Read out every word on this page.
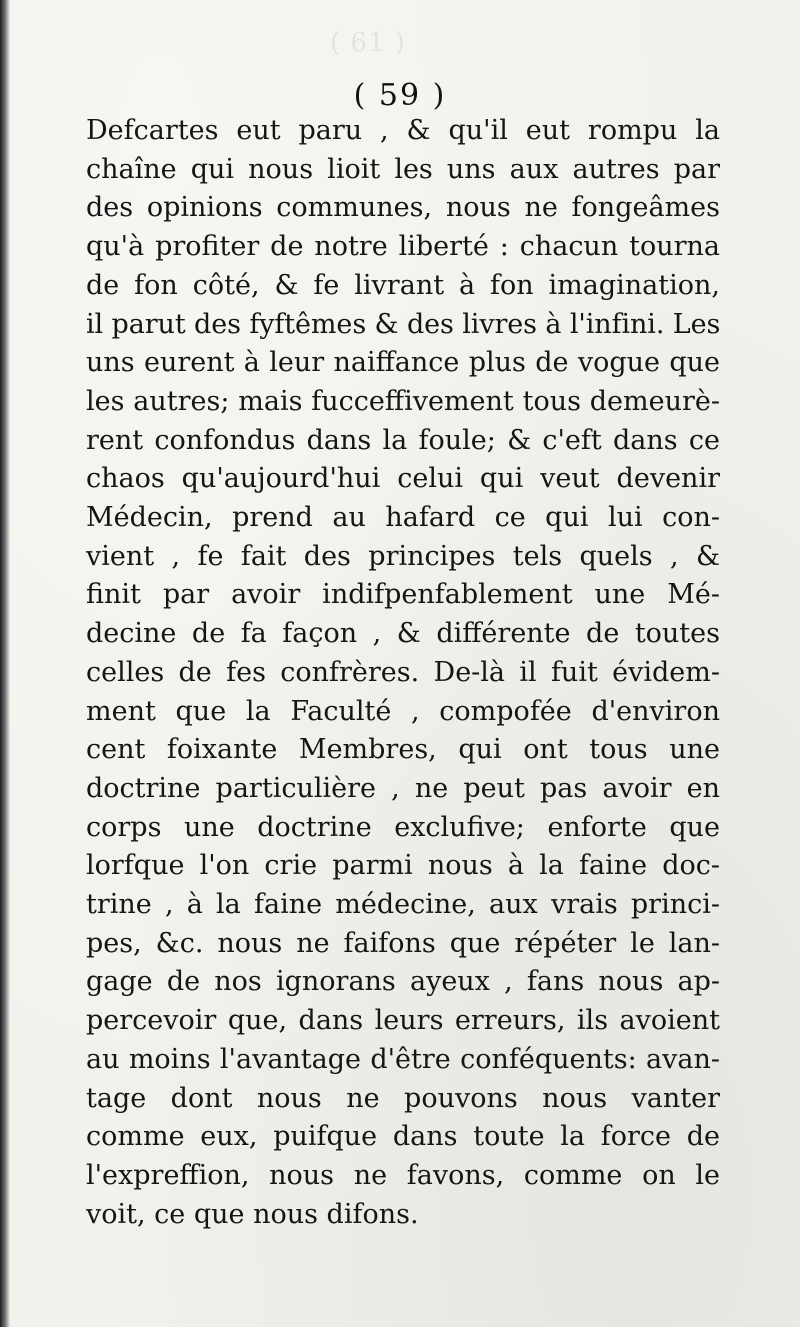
( 61 )
( 59 )
Defcartes eut paru , & qu'il eut rompu la
chaîne qui nous lioit les uns aux autres par
des opinions communes, nous ne fongeâmes
qu'à profiter de notre liberté : chacun tourna
de fon côté, & fe livrant à fon imagination,
il parut des fyftêmes & des livres à l'infini. Les
uns eurent à leur naiffance plus de vogue que
les autres; mais fucceffivement tous demeurè-
rent confondus dans la foule; & c'eft dans ce
chaos qu'aujourd'hui celui qui veut devenir
Médecin, prend au hafard ce qui lui con-
vient , fe fait des principes tels quels , &
finit par avoir indifpenfablement une Mé-
decine de fa façon , & différente de toutes
celles de fes confrères. De-là il fuit évidem-
ment que la Faculté , compofée d'environ
cent foixante Membres, qui ont tous une
doctrine particulière , ne peut pas avoir en
corps une doctrine exclufive; enforte que
lorfque l'on crie parmi nous à la faine doc-
trine , à la faine médecine, aux vrais princi-
pes, &c. nous ne faifons que répéter le lan-
gage de nos ignorans ayeux , fans nous ap-
percevoir que, dans leurs erreurs, ils avoient
au moins l'avantage d'être conféquents: avan-
tage dont nous ne pouvons nous vanter
comme eux, puifque dans toute la force de
l'expreffion, nous ne favons, comme on le
voit, ce que nous difons.
